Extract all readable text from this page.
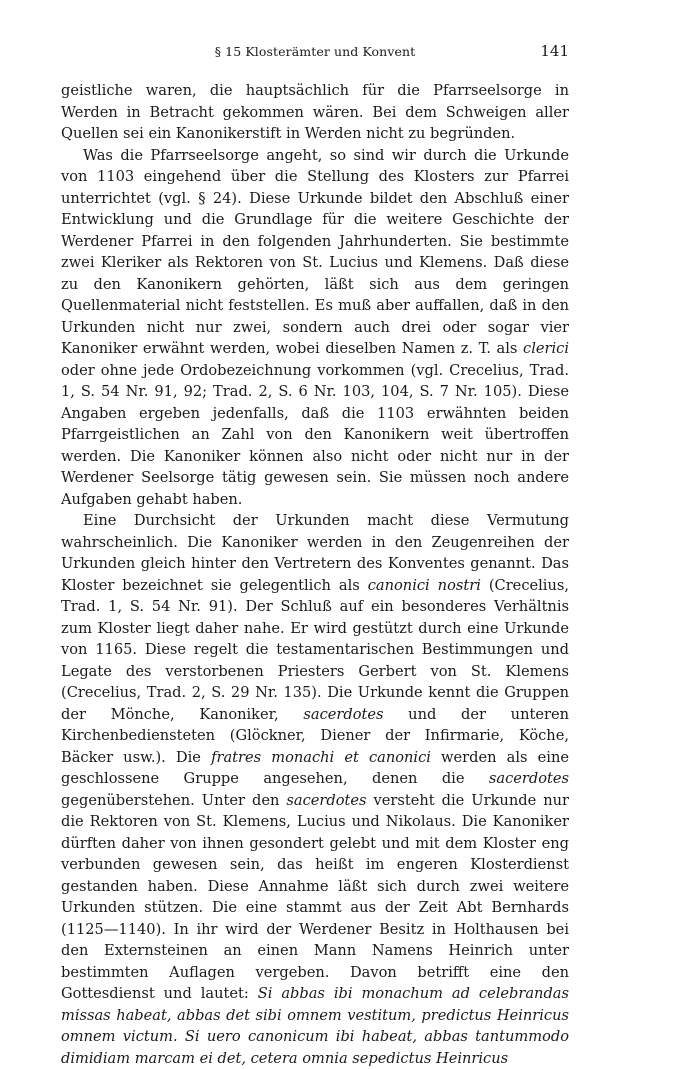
§ 15 Klosterämter und Konvent	141

geistliche waren, die hauptsächlich für die Pfarrseelsorge in Werden in Betracht gekommen wären. Bei dem Schweigen aller Quellen sei ein Kanonikerstift in Werden nicht zu begründen.

Was die Pfarrseelsorge angeht, so sind wir durch die Urkunde von 1103 eingehend über die Stellung des Klosters zur Pfarrei unterrichtet (vgl. § 24). Diese Urkunde bildet den Abschluß einer Entwicklung und die Grundlage für die weitere Geschichte der Werdener Pfarrei in den folgenden Jahrhunderten. Sie bestimmte zwei Kleriker als Rektoren von St. Lucius und Klemens. Daß diese zu den Kanonikern gehörten, läßt sich aus dem geringen Quellenmaterial nicht feststellen. Es muß aber auffallen, daß in den Urkunden nicht nur zwei, sondern auch drei oder sogar vier Kanoniker erwähnt werden, wobei dieselben Namen z. T. als clerici oder ohne jede Ordobezeichnung vorkommen (vgl. Crecelius, Trad. 1, S. 54 Nr. 91, 92; Trad. 2, S. 6 Nr. 103, 104, S. 7 Nr. 105). Diese Angaben ergeben jedenfalls, daß die 1103 erwähnten beiden Pfarrgeistlichen an Zahl von den Kanonikern weit übertroffen werden. Die Kanoniker können also nicht oder nicht nur in der Werdener Seelsorge tätig gewesen sein. Sie müssen noch andere Aufgaben gehabt haben.

Eine Durchsicht der Urkunden macht diese Vermutung wahrscheinlich. Die Kanoniker werden in den Zeugenreihen der Urkunden gleich hinter den Vertretern des Konventes genannt. Das Kloster bezeichnet sie gelegentlich als canonici nostri (Crecelius, Trad. 1, S. 54 Nr. 91). Der Schluß auf ein besonderes Verhältnis zum Kloster liegt daher nahe. Er wird gestützt durch eine Urkunde von 1165. Diese regelt die testamentarischen Bestimmungen und Legate des verstorbenen Priesters Gerbert von St. Klemens (Crecelius, Trad. 2, S. 29 Nr. 135). Die Urkunde kennt die Gruppen der Mönche, Kanoniker, sacerdotes und der unteren Kirchenbediensteten (Glöckner, Diener der Infirmarie, Köche, Bäcker usw.). Die fratres monachi et canonici werden als eine geschlossene Gruppe angesehen, denen die sacerdotes gegenüberstehen. Unter den sacerdotes versteht die Urkunde nur die Rektoren von St. Klemens, Lucius und Nikolaus. Die Kanoniker dürften daher von ihnen gesondert gelebt und mit dem Kloster eng verbunden gewesen sein, das heißt im engeren Klosterdienst gestanden haben. Diese Annahme läßt sich durch zwei weitere Urkunden stützen. Die eine stammt aus der Zeit Abt Bernhards (1125—1140). In ihr wird der Werdener Besitz in Holthausen bei den Externsteinen an einen Mann Namens Heinrich unter bestimmten Auflagen vergeben. Davon betrifft eine den Gottesdienst und lautet: Si abbas ibi monachum ad celebrandas missas habeat, abbas det sibi omnem vestitum, predictus Heinricus omnem victum. Si uero canonicum ibi habeat, abbas tantummodo dimidiam marcam ei det, cetera omnia sepedictus Heinricus
